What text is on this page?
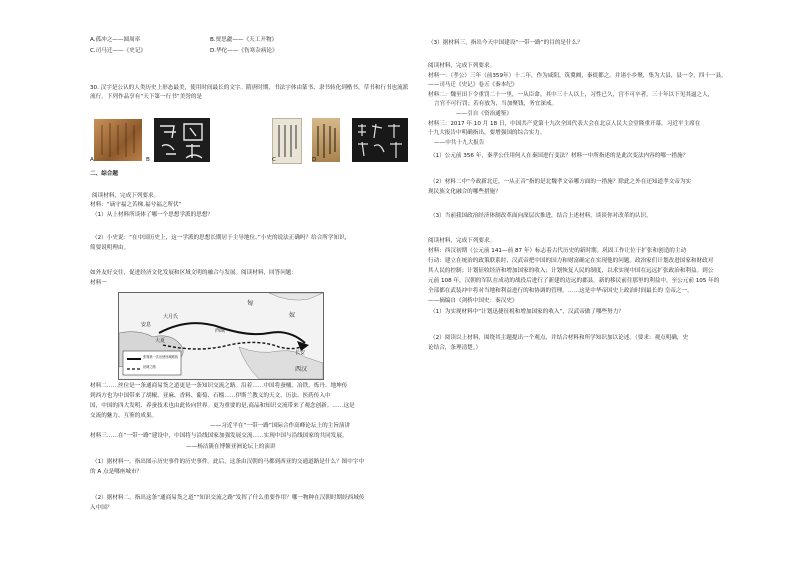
A.孤冲之——圆周率	B.贾思勰——《天工开物》
C.司马迁——《史记》	D.华佗——《伤寒杂病论》
30. 汉字是公认的人类历史上形态最美，使用时间最长的文字。隋唐时期，书法字体由篆书、隶书转化到楷书，草书和行书也流派流行。下列作品享有“天下第一行书”美誉的是
A	B	C	D
二、综合题
阅读材料，完成下列要求。
材料：“谪守福之苦梯,福兮福之所伏”
（1）从上材料所谈体了哪一个思想学派的思想？
（2）小史说：“在中国历史上，这一学派的思想长期居于主导地位。”小史的说法正确吗？给合所学知识，
简要说明理由。
如外友好交往，促进经济文化发展和区域文明的融合与发展。阅读材料，回答问题：
材料一
匈
奴
大月氏
安息
大夏
西域
长安
西汉
张骞第一次出使西域路线
丝绸之路
材料二……丝位是一条通商易货之道更是一条知识交流之路。沿着……中国将蚕桶、冶铁、炼丹、地坤传
到西方也为中国带来了胡椒、亚麻、香料、葡萄、石榴……伊斯兰教义的天文、历法、医药传入中
国，中国的四大发明、养蚕技术也由此传向世界。更为重要的是,商品和知识交流带来了观念创新。……这是
交流的魅力、互鉴的成果。
——习近平在“一带一路”国际合作高峰论坛上的主旨演讲
材料三……在“一带一路”建设中，中国将与沿线国家加强发展交流……实现中国与沿线国家的共同发展。
——杨洁篪在博鳌亚洲论坛上的演讲
（1）据材料一，指出图示历史事件的历史事件。此后，这条由汉朝的马都到西亚的交通道路是什么？图中字中
的 A 点是哪座城市？
（2）据材料二，指出这条“通商易货之道”“知识交流之路”发挥了什么重要作用？哪一物种在汉朝时期经西域传
入中国？
（3）据材料三，指出今天中国建设“一带一路”的目的是什么？
阅读材料，完成下列要求。
材料一：（孝公）三年（前359年）十二年，作为咸阳，筑冀阙，秦徙都之。并诸小乡聚，集为大县，县一令，四十一县。
——司马迁《史记》卷五《秦本纪》
材料二：魏至田下令重罚二十一里，一从臣命。其中三十人以上，习性已久，宫不可卒者，三十年以下见其逼之人，
言官不可行罚；若有放为，当加聚钱，务宜深戒。
——引自《资治通鉴》
材料三：2017 年 10 月 18 日，中国共产党第十九次全国代表大会在北京人民大会堂隆重开幕。习近平主席在
十九大报告中明确指出，要增强国的综合实力。
——中共十九大报告
（1）公元前 356 年，秦孝公任用何人在秦国进行变法？材料一中所指述的是此次变法内容的哪一措施？
（2）材料二中“今政新北迁，一从正音”指的是北魏孝文帝哪方面的一措施？除此之外在还知道孝文帝为实
现民族文化融合的哪些措施？
（3）当前我国政治经济体制改革面向深层次推进，结合上述材料，谈谈你对改革的认识。
阅读材料，完成下列要求。
材料：西汉初期（公元前 141—前 87 年）标志着古代历史的新时期。巩固工作让位于扩张和创造的主动
行动：建立在统治的政策联系时，汉武帝把中国的国力和财富确定在实现他的问题。政治家们计划改进国家和财政对
其人民的控制；计划征收经济和增加国家的收入；计划恢复人民的制度，以求实现中国在远远扩张政治和利益。到公
元前 108 年，汉朝的军队在成功的战役后进行了新建的边远的郡县。新的移民前往那里的利益中，至公元前 105 年的
全部都在武装冲中将对当地和利益进行的和协调的管理。……这是中华帝国史上政治时间最长的 皇帝之一。
——摘编自《剑桥中国史：秦汉史》
（1）为实现材料中“计划迅捷征税和增加国家的收入”，汉武帝做了哪些努力？
（2）阅读以上材料，围绕其主题提出一个观点，并结合材料和所学知识加以论述。（要求：观点明确，史
论结合，条理清楚。）
